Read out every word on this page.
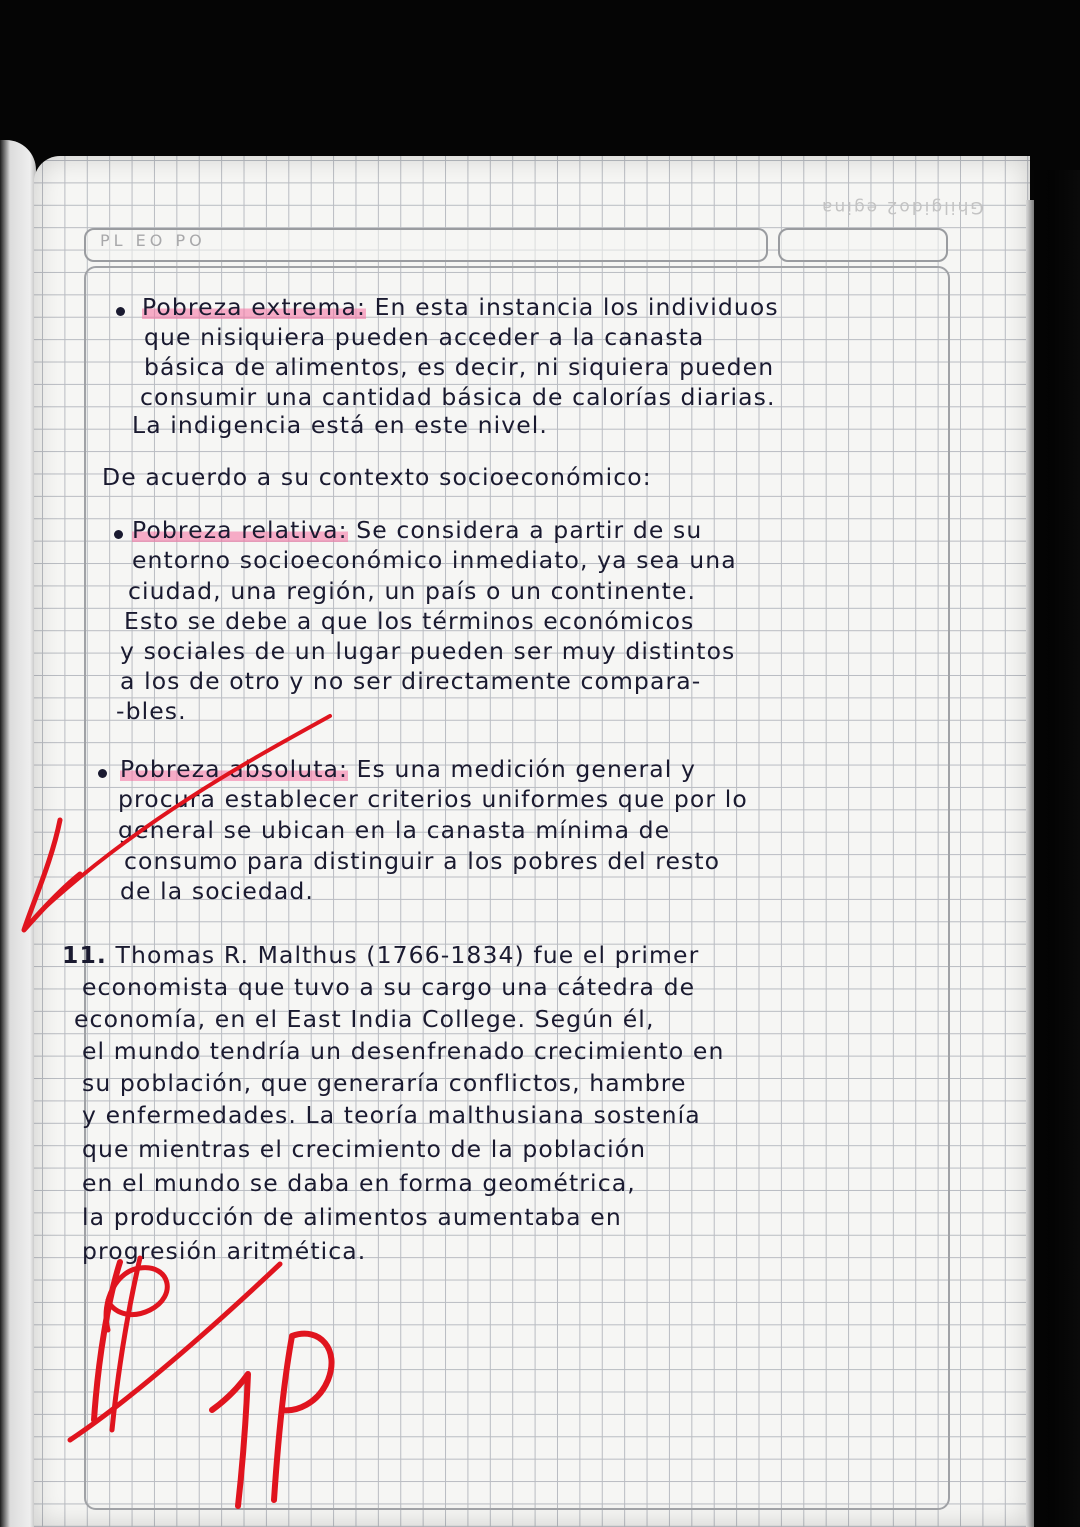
PL EO PO
Ghilgido2 egina
Pobreza extrema: En esta instancia los individuos
que nisiquiera pueden acceder a la canasta
básica de alimentos, es decir, ni siquiera pueden
consumir una cantidad básica de calorías diarias.
La indigencia está en este nivel.
De acuerdo a su contexto socioeconómico:
Pobreza relativa: Se considera a partir de su
entorno socioeconómico inmediato, ya sea una
ciudad, una región, un país o un continente.
Esto se debe a que los términos económicos
y sociales de un lugar pueden ser muy distintos
a los de otro y no ser directamente compara-
-bles.
Pobreza absoluta: Es una medición general y
procura establecer criterios uniformes que por lo
general se ubican en la canasta mínima de
consumo para distinguir a los pobres del resto
de la sociedad.
11. Thomas R. Malthus (1766-1834) fue el primer
economista que tuvo a su cargo una cátedra de
economía, en el East India College. Según él,
el mundo tendría un desenfrenado crecimiento en
su población, que generaría conflictos, hambre
y enfermedades. La teoría malthusiana sostenía
que mientras el crecimiento de la población
en el mundo se daba en forma geométrica,
la producción de alimentos aumentaba en
progresión aritmética.
